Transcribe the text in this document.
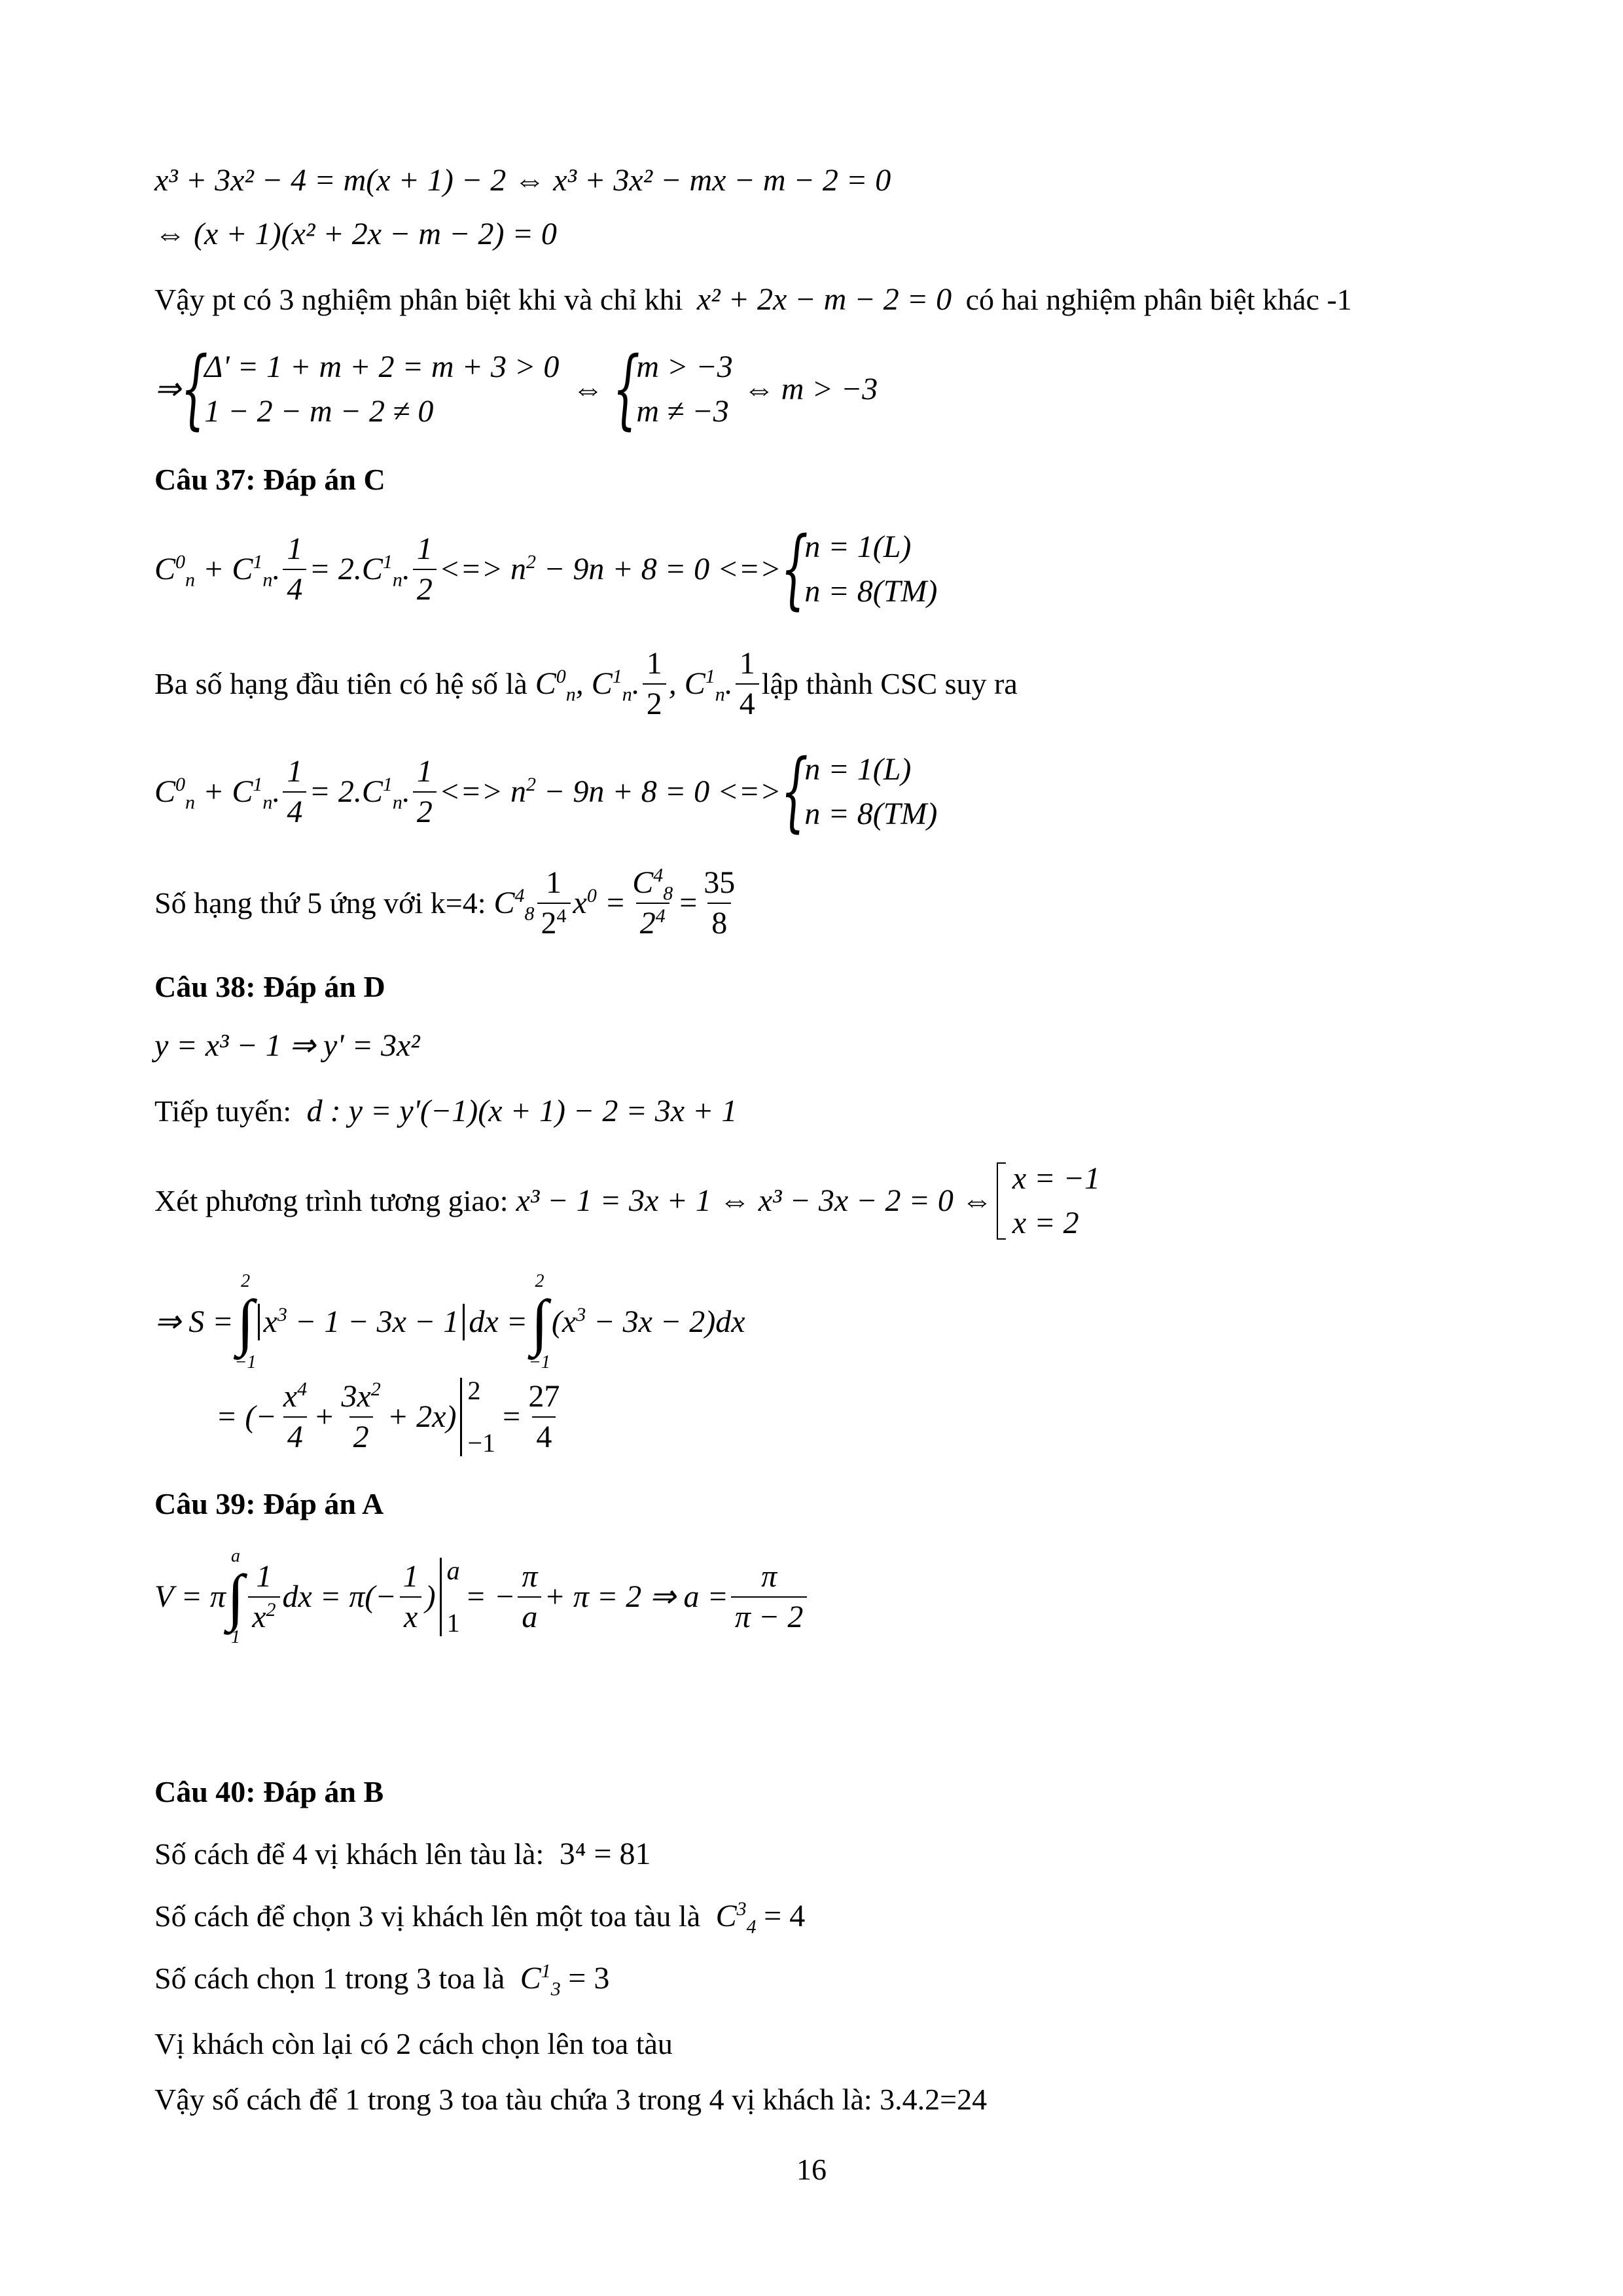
x³ + 3x² − 4 = m(x + 1) − 2 ⇔ x³ + 3x² − mx − m − 2 = 0
⇔ (x + 1)(x² + 2x − m − 2) = 0
Vậy pt có 3 nghiệm phân biệt khi và chỉ khi x² + 2x − m − 2 = 0 có hai nghiệm phân biệt khác -1
⇒ {
Δ' = 1 + m + 2 = m + 3 > 0
1 − 2 − m − 2 ≠ 0
⇔ {
m > −3
m ≠ −3
⇔ m > −3
Câu 37: Đáp án C
$C^0_n + C^1_n$. $\frac{1}{4} = 2.C^1_n$. $\frac{1}{2}$ <=> $n^2 - 9n + 8 = 0$ <=> {
n = 1(L)
n = 8(TM)
Ba số hạng đầu tiên có hệ số là $C^0_n$, $C^1_n$. $\frac{1}{2}$ , $C^1_n$. $\frac{1}{4}$ lập thành CSC suy ra
$C^0_n + C^1_n$. $\frac{1}{4} = 2.C^1_n$. $\frac{1}{2}$ <=> $n^2 - 9n + 8 = 0$ <=> {
n = 1(L)
n = 8(TM)
Số hạng thứ 5 ứng với k=4: $C^4_8 \frac{1}{2^4} x^0 = \frac{C^4_8}{2^4} = \frac{35}{8}$
Câu 38: Đáp án D
y = x³ − 1 ⇒ y' = 3x²
Tiếp tuyến: d : y = y'(−1)(x + 1) − 2 = 3x + 1
Xét phương trình tương giao: x³ − 1 = 3x + 1 ⇔ x³ − 3x − 2 = 0 ⇔
x = −1
x = 2
⇒ S =
2
∫
−1
$x^3 - 1 - 3x - 1$ dx =
2
∫
−1
$(x^3 - 3x - 2)dx$
= (− $\frac{x^4}{4} + \frac{3x^2}{2} + 2x$)
2
−1
= $\frac{27}{4}$
Câu 39: Đáp án A
V = π
a
∫
1
$\frac{1}{x^2}$ dx = $\pi(- \frac{1}{x}$ )
a
1
= − $\frac{\pi}{a} + \pi = 2$ ⇒ $a = \frac{\pi}{\pi - 2}$
Câu 40: Đáp án B
Số cách để 4 vị khách lên tàu là: 3⁴ = 81
Số cách để chọn 3 vị khách lên một toa tàu là $C^3_4 = 4$
Số cách chọn 1 trong 3 toa là $C^1_3 = 3$
Vị khách còn lại có 2 cách chọn lên toa tàu
Vậy số cách để 1 trong 3 toa tàu chứa 3 trong 4 vị khách là: 3.4.2=24
16
